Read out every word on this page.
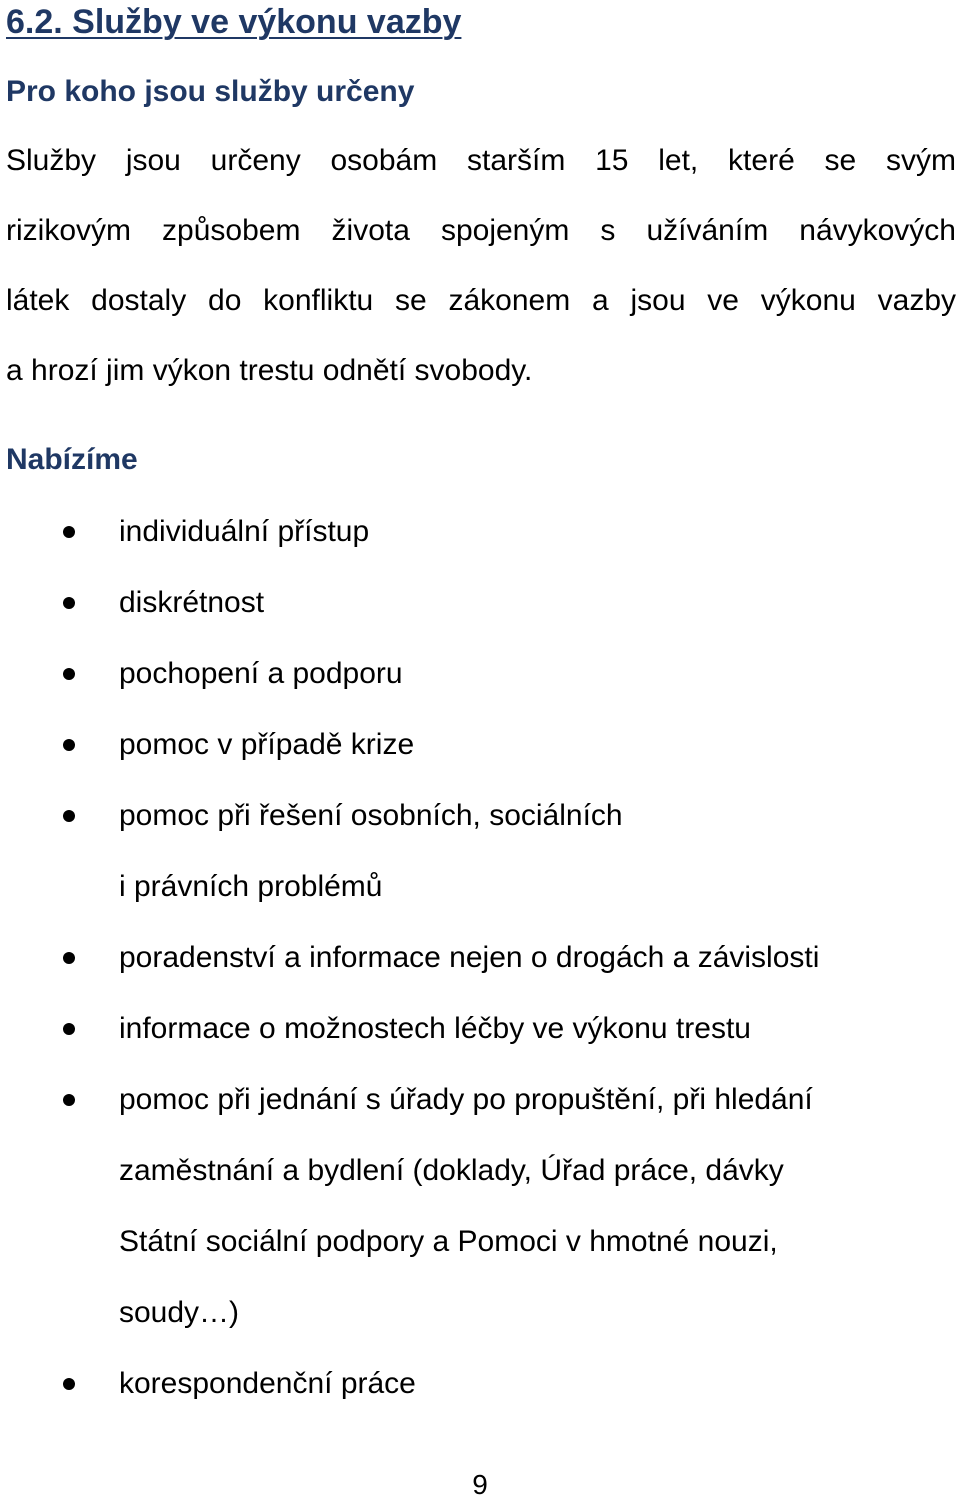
6.2. Služby ve výkonu vazby
Pro koho jsou služby určeny
Služby jsou určeny osobám starším 15 let, které se svým
rizikovým způsobem života spojeným s užíváním návykových
látek dostaly do konfliktu se zákonem a jsou ve výkonu vazby
a hrozí jim výkon trestu odnětí svobody.
Nabízíme
individuální přístup
diskrétnost
pochopení a podporu
pomoc v případě krize
pomoc při řešení osobních, sociálních
i právních problémů
poradenství a informace nejen o drogách a závislosti
informace o možnostech léčby ve výkonu trestu
pomoc při jednání s úřady po propuštění, při hledání
zaměstnání a bydlení (doklady, Úřad práce, dávky
Státní sociální podpory a Pomoci v hmotné nouzi,
soudy…)
korespondenční práce
9
